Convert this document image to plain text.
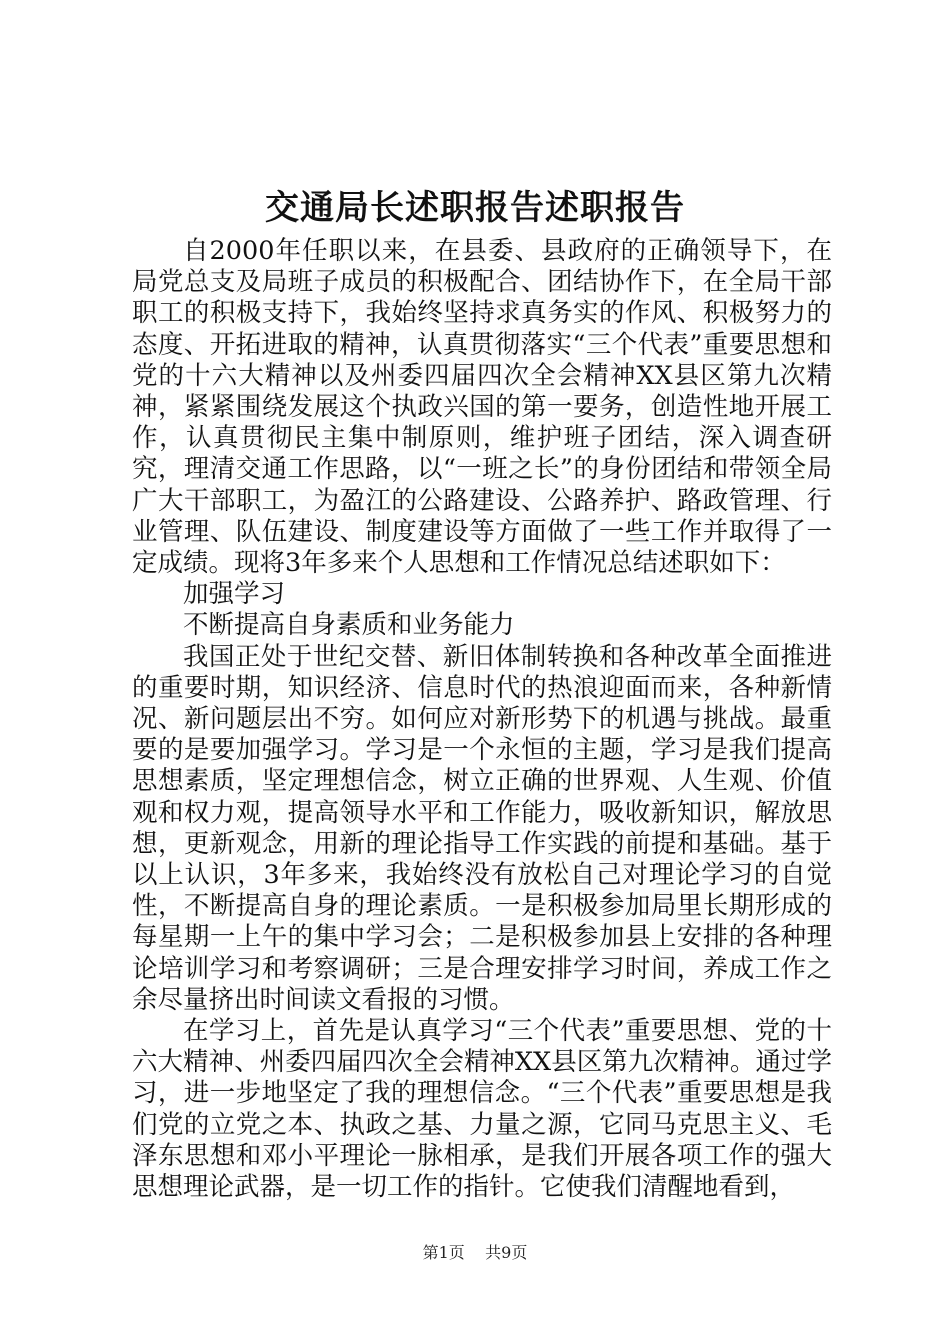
交通局长述职报告述职报告

自2000年任职以来，在县委、县政府的正确领导下，在局党总支及局班子成员的积极配合、团结协作下，在全局干部职工的积极支持下，我始终坚持求真务实的作风、积极努力的态度、开拓进取的精神，认真贯彻落实“三个代表”重要思想和党的十六大精神以及州委四届四次全会精神XX县区第九次精神，紧紧围绕发展这个执政兴国的第一要务，创造性地开展工作，认真贯彻民主集中制原则，维护班子团结，深入调查研究，理清交通工作思路，以“一班之长”的身份团结和带领全局广大干部职工，为盈江的公路建设、公路养护、路政管理、行业管理、队伍建设、制度建设等方面做了一些工作并取得了一定成绩。现将3年多来个人思想和工作情况总结述职如下：

加强学习

不断提高自身素质和业务能力

我国正处于世纪交替、新旧体制转换和各种改革全面推进的重要时期，知识经济、信息时代的热浪迎面而来，各种新情况、新问题层出不穷。如何应对新形势下的机遇与挑战。最重要的是要加强学习。学习是一个永恒的主题，学习是我们提高思想素质，坚定理想信念，树立正确的世界观、人生观、价值观和权力观，提高领导水平和工作能力，吸收新知识，解放思想，更新观念，用新的理论指导工作实践的前提和基础。基于以上认识，3年多来，我始终没有放松自己对理论学习的自觉性，不断提高自身的理论素质。一是积极参加局里长期形成的每星期一上午的集中学习会；二是积极参加县上安排的各种理论培训学习和考察调研；三是合理安排学习时间，养成工作之余尽量挤出时间读文看报的习惯。

在学习上，首先是认真学习“三个代表”重要思想、党的十六大精神、州委四届四次全会精神XX县区第九次精神。通过学习，进一步地坚定了我的理想信念。“三个代表”重要思想是我们党的立党之本、执政之基、力量之源，它同马克思主义、毛泽东思想和邓小平理论一脉相承，是我们开展各项工作的强大思想理论武器，是一切工作的指针。它使我们清醒地看到，

第1页 共9页
